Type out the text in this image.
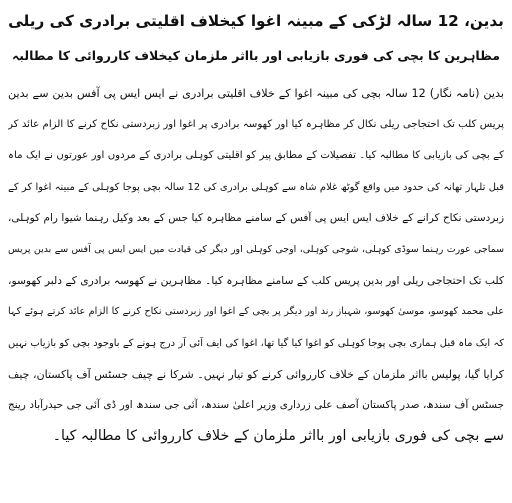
بدین، 12 سالہ لڑکی کے مبینہ اغوا کیخلاف اقلیتی برادری کی ریلی
مظاہرین کا بچی کی فوری بازیابی اور بااثر ملزمان کیخلاف کارروائی کا مطالبہ
بدین (نامہ نگار) 12 سالہ بچی کی مبینہ اغوا کے خلاف اقلیتی برادری نے ایس ایس پی آفس بدین سے بدین
پریس کلب تک احتجاجی ریلی نکال کر مظاہرہ کیا اور کھوسہ برادری پر اغوا اور زبردستی نکاح کرنے کا الزام عائد کر
کے بچی کی بازیابی کا مطالبہ کیا۔ تفصیلات کے مطابق پیر کو اقلیتی کوہلی برادری کے مردوں اور عورتوں نے ایک ماہ
قبل تلہار تھانہ کی حدود میں واقع گوٹھ غلام شاہ سے کوہلی برادری کی 12 سالہ بچی پوجا کوہلی کے مبینہ اغوا کر کے
زبردستی نکاح کرانے کے خلاف ایس ایس پی آفس کے سامنے مظاہرہ کیا جس کے بعد وکیل رہنما شیوا رام کوہلی،
سماجی عورت رہنما سوڈی کوہلی، شوجی کوہلی، اوجی کوہلی اور دیگر کی قیادت میں ایس ایس پی آفس سے بدین پریس
کلب تک احتجاجی ریلی اور بدین پریس کلب کے سامنے مظاہرہ کیا۔ مظاہرین نے کھوسہ برادری کے دلبر کھوسو،
علی محمد کھوسو، موسیٰ کھوسو، شہباز رند اور دیگر پر بچی کے اغوا اور زبردستی نکاح کرنے کا الزام عائد کرتے ہوئے کہا
کہ ایک ماہ قبل ہماری بچی پوجا کوہلی کو اغوا کیا گیا تھا، اغوا کی ایف آئی آر درج ہونے کے باوجود بچی کو بازیاب نہیں
کرایا گیا، پولیس بااثر ملزمان کے خلاف کارروائی کرنے کو تیار نہیں۔ شرکا نے چیف جسٹس آف پاکستان، چیف
جسٹس آف سندھ، صدر پاکستان آصف علی زرداری وزیر اعلیٰ سندھ، آئی جی سندھ اور ڈی آئی جی حیدرآباد رینج
سے بچی کی فوری بازیابی اور بااثر ملزمان کے خلاف کارروائی کا مطالبہ کیا۔
